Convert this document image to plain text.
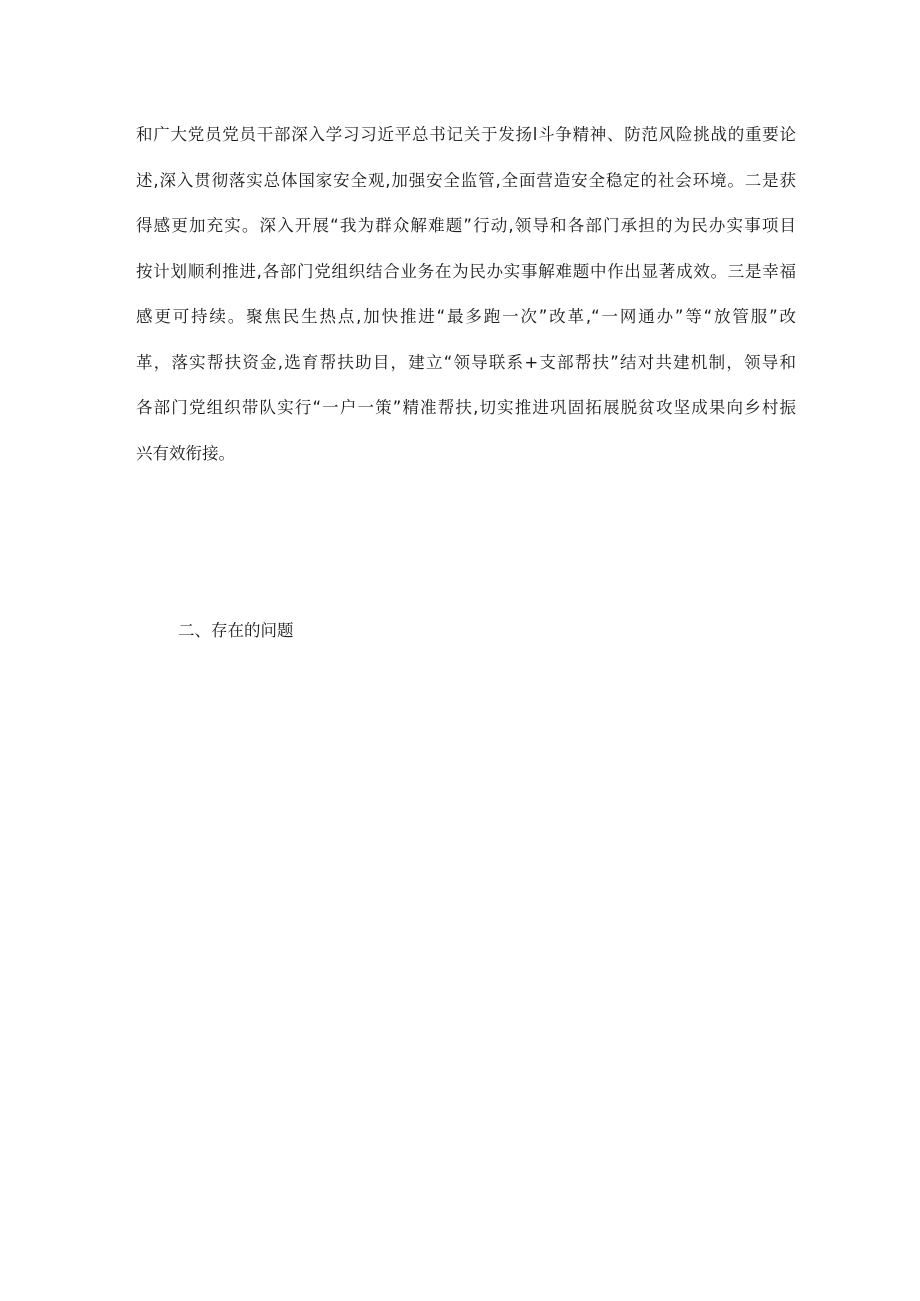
和广大党员党员干部深入学习习近平总书记关于发扬l斗争精神、防范风险挑战的重要论
述,深入贯彻落实总体国家安全观,加强安全监管,全面营造安全稳定的社会环境。二是获
得感更加充实。深入开展“我为群众解难题”行动,领导和各部门承担的为民办实事项目
按计划顺利推进,各部门党组织结合业务在为民办实事解难题中作出显著成效。三是幸福
感更可持续。聚焦民生热点,加快推进“最多跑一次”改革,“一网通办”等“放管服”改
革，落实帮扶资金,选育帮扶助目，建立“领导联系+支部帮扶”结对共建机制，领导和
各部门党组织带队实行“一户一策”精准帮扶,切实推进巩固拓展脱贫攻坚成果向乡村振
兴有效衔接。
二、存在的问题
